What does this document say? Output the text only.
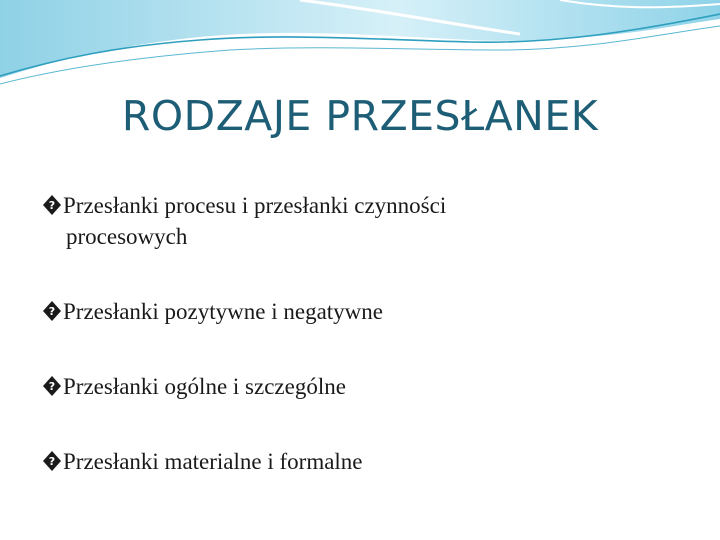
RODZAJE PRZESŁANEK
? Przesłanki procesu i przesłanki czynności
procesowych
? Przesłanki pozytywne i negatywne
? Przesłanki ogólne i szczególne
? Przesłanki materialne i formalne
